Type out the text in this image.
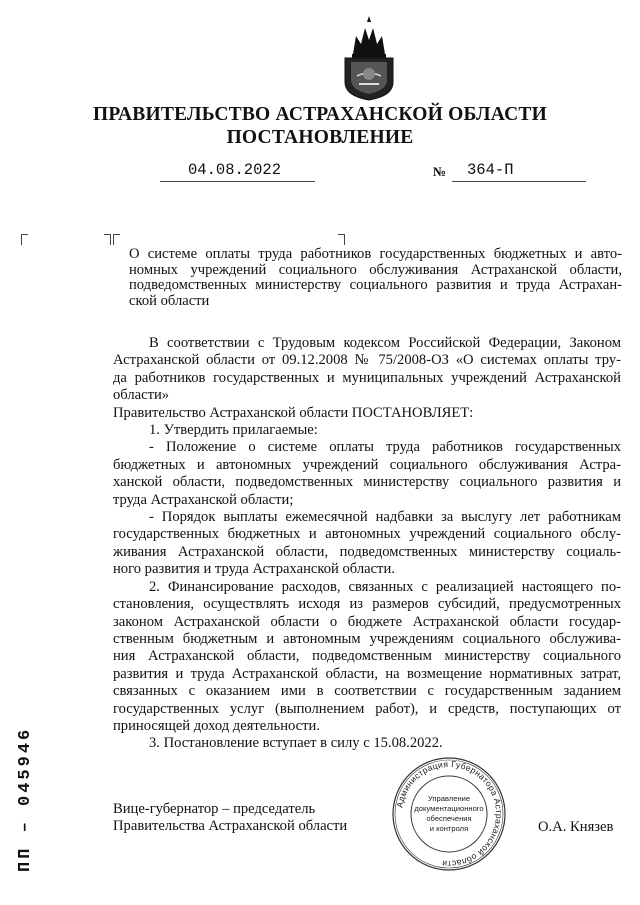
ПРАВИТЕЛЬСТВО АСТРАХАНСКОЙ ОБЛАСТИ
ПОСТАНОВЛЕНИЕ
04.08.2022	№ 364-П
О системе оплаты труда работников государственных бюджетных и авто-
номных учреждений социального обслуживания Астраханской области,
подведомственных министерству социального развития и труда Астрахан-
ской области
В соответствии с Трудовым кодексом Российской Федерации, Законом
Астраханской области от 09.12.2008 № 75/2008-ОЗ «О системах оплаты тру-
да работников государственных и муниципальных учреждений Астраханской
области»
Правительство Астраханской области ПОСТАНОВЛЯЕТ:
1. Утвердить прилагаемые:
- Положение о системе оплаты труда работников государственных
бюджетных и автономных учреждений социального обслуживания Астра-
ханской области, подведомственных министерству социального развития и
труда Астраханской области;
- Порядок выплаты ежемесячной надбавки за выслугу лет работникам
государственных бюджетных и автономных учреждений социального обслу-
живания Астраханской области, подведомственных министерству социаль-
ного развития и труда Астраханской области.
2. Финансирование расходов, связанных с реализацией настоящего по-
становления, осуществлять исходя из размеров субсидий, предусмотренных
законом Астраханской области о бюджете Астраханской области государ-
ственным бюджетным и автономным учреждениям социального обслужива-
ния Астраханской области, подведомственным министерству социального
развития и труда Астраханской области, на возмещение нормативных затрат,
связанных с оказанием ими в соответствии с государственным заданием
государственных услуг (выполнением работ), и средств, поступающих от
приносящей доход деятельности.
3. Постановление вступает в силу с 15.08.2022.
Вице-губернатор – председатель
Правительства Астраханской области	О.А. Князев
Администрация Губернатора Астраханской области
Управление
документационного
обеспечения
и контроля
ПП – 045946
